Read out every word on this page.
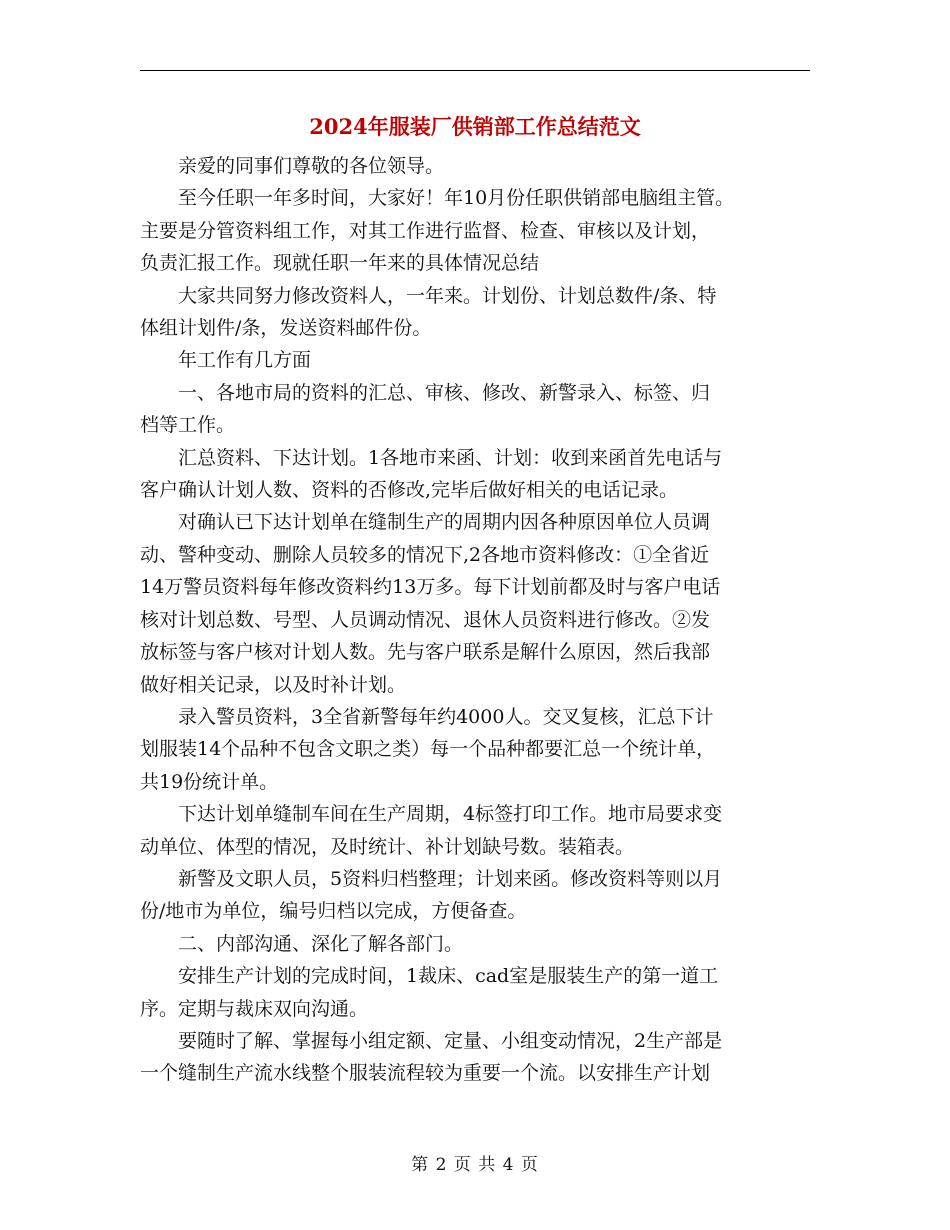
2024年服装厂供销部工作总结范文

　　亲爱的同事们尊敬的各位领导。

　　至今任职一年多时间，大家好！年10月份任职供销部电脑组主管。

主要是分管资料组工作，对其工作进行监督、检查、审核以及计划，

负责汇报工作。现就任职一年来的具体情况总结

　　大家共同努力修改资料人，一年来。计划份、计划总数件/条、特

体组计划件/条，发送资料邮件份。

　　年工作有几方面

　　一、各地市局的资料的汇总、审核、修改、新警录入、标签、归

档等工作。

　　汇总资料、下达计划。1各地市来函、计划：收到来函首先电话与

客户确认计划人数、资料的否修改,完毕后做好相关的电话记录。

　　对确认已下达计划单在缝制生产的周期内因各种原因单位人员调

动、警种变动、删除人员较多的情况下,2各地市资料修改：①全省近

14万警员资料每年修改资料约13万多。每下计划前都及时与客户电话

核对计划总数、号型、人员调动情况、退休人员资料进行修改。②发

放标签与客户核对计划人数。先与客户联系是解什么原因，然后我部

做好相关记录，以及时补计划。

　　录入警员资料，3全省新警每年约4000人。交叉复核，汇总下计

划服装14个品种不包含文职之类）每一个品种都要汇总一个统计单，

共19份统计单。

　　下达计划单缝制车间在生产周期，4标签打印工作。地市局要求变

动单位、体型的情况，及时统计、补计划缺号数。装箱表。

　　新警及文职人员，5资料归档整理；计划来函。修改资料等则以月

份/地市为单位，编号归档以完成，方便备查。

　　二、内部沟通、深化了解各部门。

　　安排生产计划的完成时间，1裁床、cad室是服装生产的第一道工

序。定期与裁床双向沟通。

　　要随时了解、掌握每小组定额、定量、小组变动情况，2生产部是

一个缝制生产流水线整个服装流程较为重要一个流。以安排生产计划

第 2 页 共 4 页
